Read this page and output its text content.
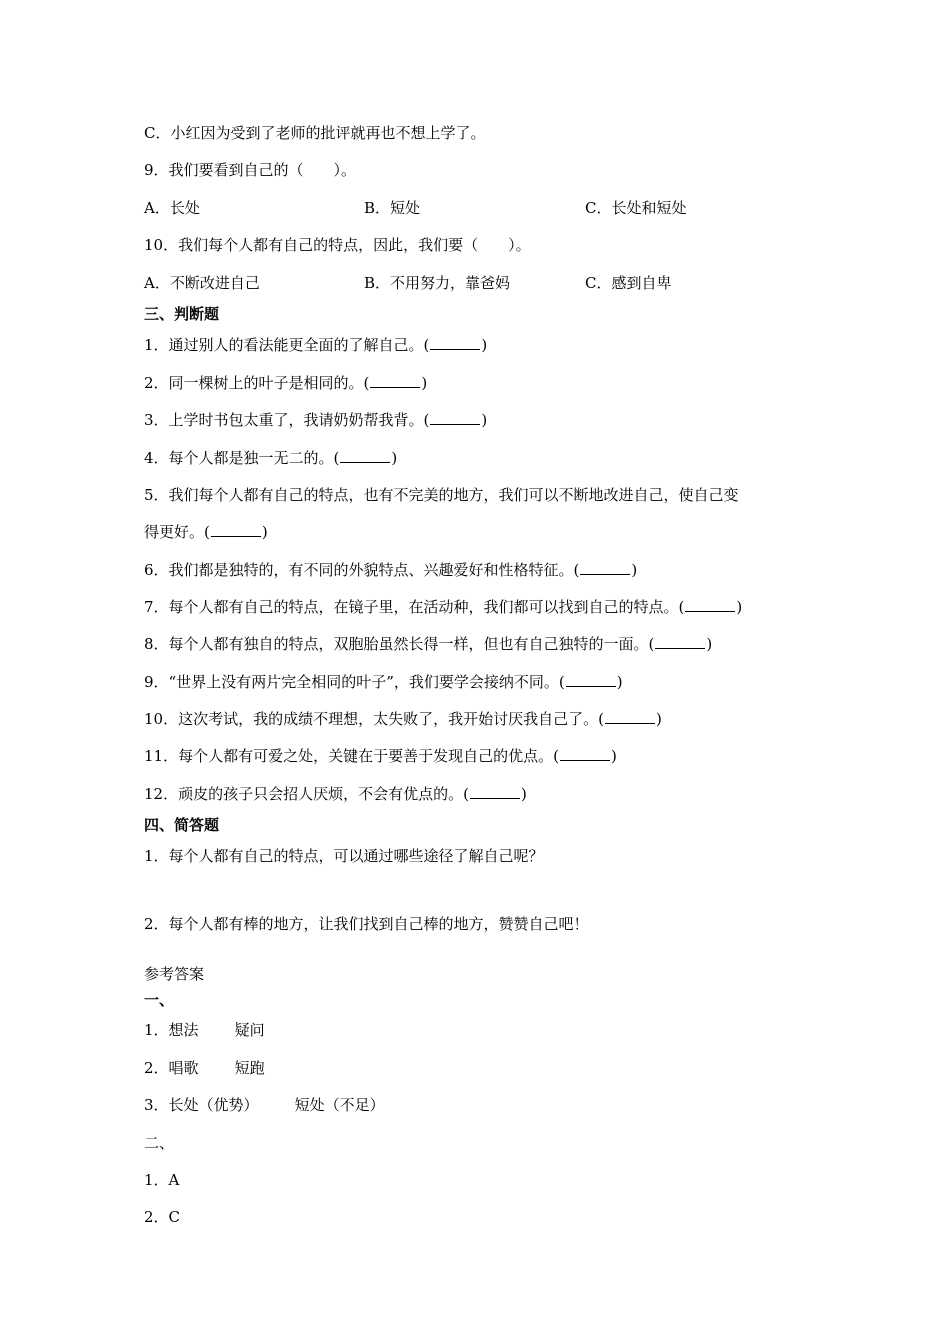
C．小红因为受到了老师的批评就再也不想上学了。
9．我们要看到自己的（　　）。
A．长处	B．短处	C．长处和短处
10．我们每个人都有自己的特点，因此，我们要（　　）。
A．不断改进自己	B．不用努力，靠爸妈	C．感到自卑
三、判断题
1．通过别人的看法能更全面的了解自己。(	)
2．同一棵树上的叶子是相同的。(	)
3．上学时书包太重了，我请奶奶帮我背。(	)
4．每个人都是独一无二的。(	)
5．我们每个人都有自己的特点，也有不完美的地方，我们可以不断地改进自己，使自己变
得更好。(	)
6．我们都是独特的，有不同的外貌特点、兴趣爱好和性格特征。(	)
7．每个人都有自己的特点，在镜子里，在活动种，我们都可以找到自己的特点。(	)
8．每个人都有独自的特点，双胞胎虽然长得一样，但也有自己独特的一面。(	)
9．“世界上没有两片完全相同的叶子”，我们要学会接纳不同。(	)
10．这次考试，我的成绩不理想，太失败了，我开始讨厌我自己了。(	)
11．每个人都有可爱之处，关键在于要善于发现自己的优点。(	)
12．顽皮的孩子只会招人厌烦，不会有优点的。(	)
四、简答题
1．每个人都有自己的特点，可以通过哪些途径了解自己呢？
2．每个人都有棒的地方，让我们找到自己棒的地方，赞赞自己吧！
参考答案
一、
1．想法 疑问
2．唱歌 短跑
3．长处（优势） 短处（不足）
二、
1．A
2．C
